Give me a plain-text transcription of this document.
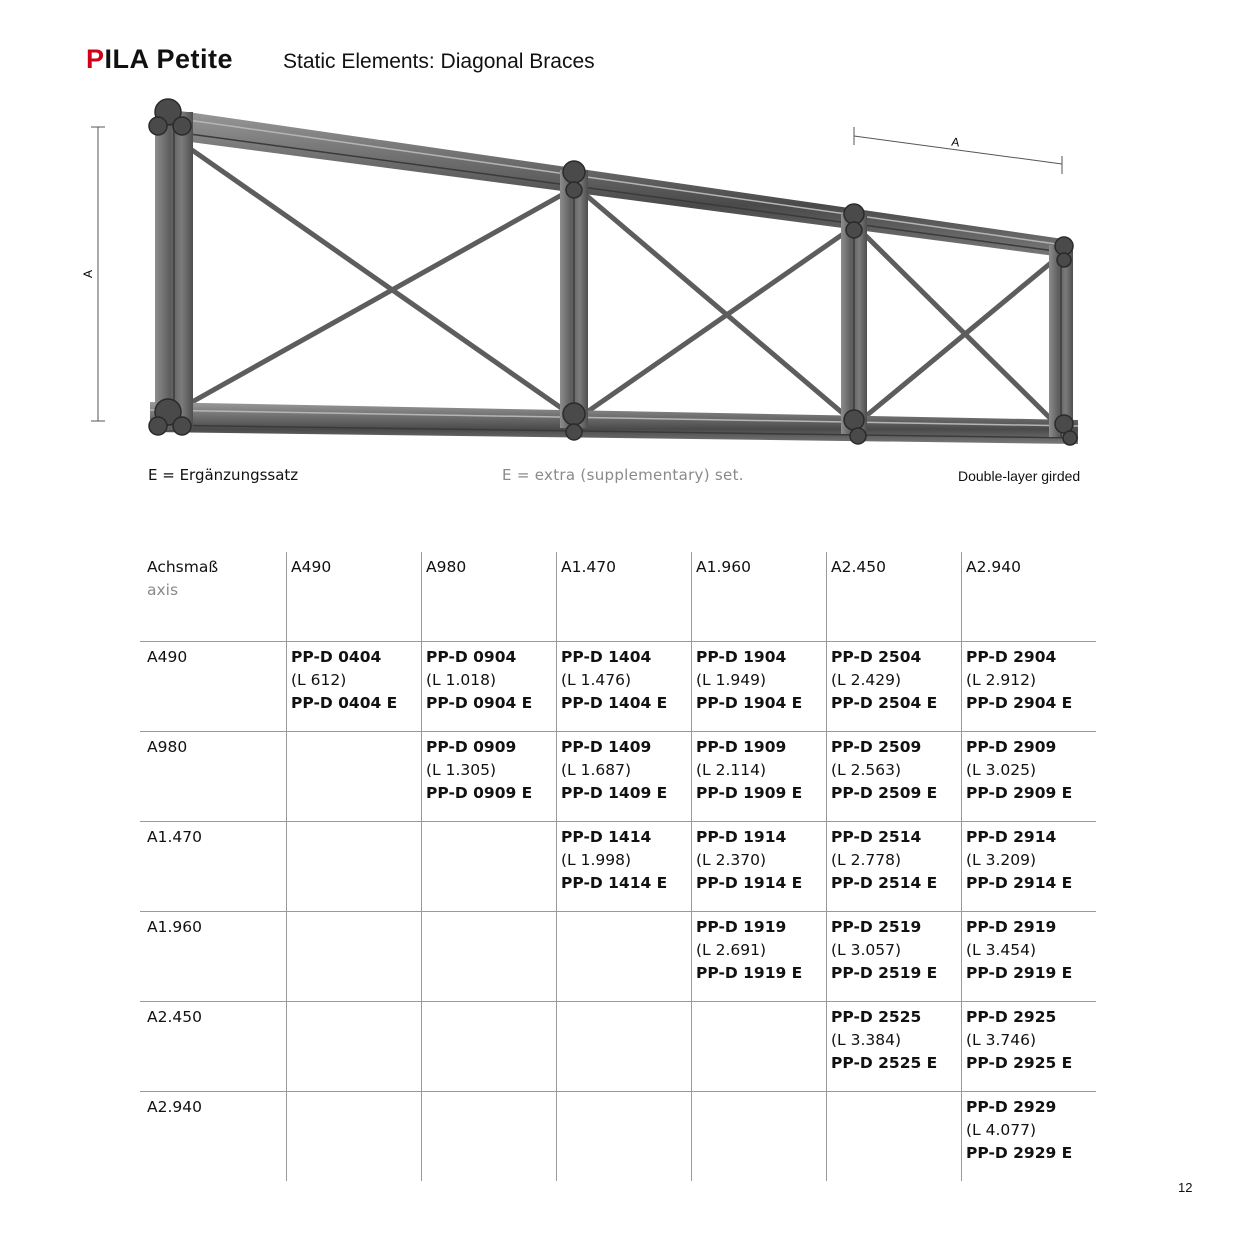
PILA Petite Static Elements: Diagonal Braces
A
A
E = Ergänzungssatz	E = extra (supplementary) set.	Double-layer girded
Achsmaß
axis	A490	A980	A1.470	A1.960	A2.450	A2.940
A490	PP-D 0404
(L 612)
PP-D 0404 E	PP-D 0904
(L 1.018)
PP-D 0904 E	PP-D 1404
(L 1.476)
PP-D 1404 E	PP-D 1904
(L 1.949)
PP-D 1904 E	PP-D 2504
(L 2.429)
PP-D 2504 E	PP-D 2904
(L 2.912)
PP-D 2904 E

A980		PP-D 0909
(L 1.305)
PP-D 0909 E	PP-D 1409
(L 1.687)
PP-D 1409 E	PP-D 1909
(L 2.114)
PP-D 1909 E	PP-D 2509
(L 2.563)
PP-D 2509 E	PP-D 2909
(L 3.025)
PP-D 2909 E

A1.470			PP-D 1414
(L 1.998)
PP-D 1414 E	PP-D 1914
(L 2.370)
PP-D 1914 E	PP-D 2514
(L 2.778)
PP-D 2514 E	PP-D 2914
(L 3.209)
PP-D 2914 E

A1.960				PP-D 1919
(L 2.691)
PP-D 1919 E	PP-D 2519
(L 3.057)
PP-D 2519 E	PP-D 2919
(L 3.454)
PP-D 2919 E

A2.450					PP-D 2525
(L 3.384)
PP-D 2525 E	PP-D 2925
(L 3.746)
PP-D 2925 E

A2.940						PP-D 2929
(L 4.077)
PP-D 2929 E
12
